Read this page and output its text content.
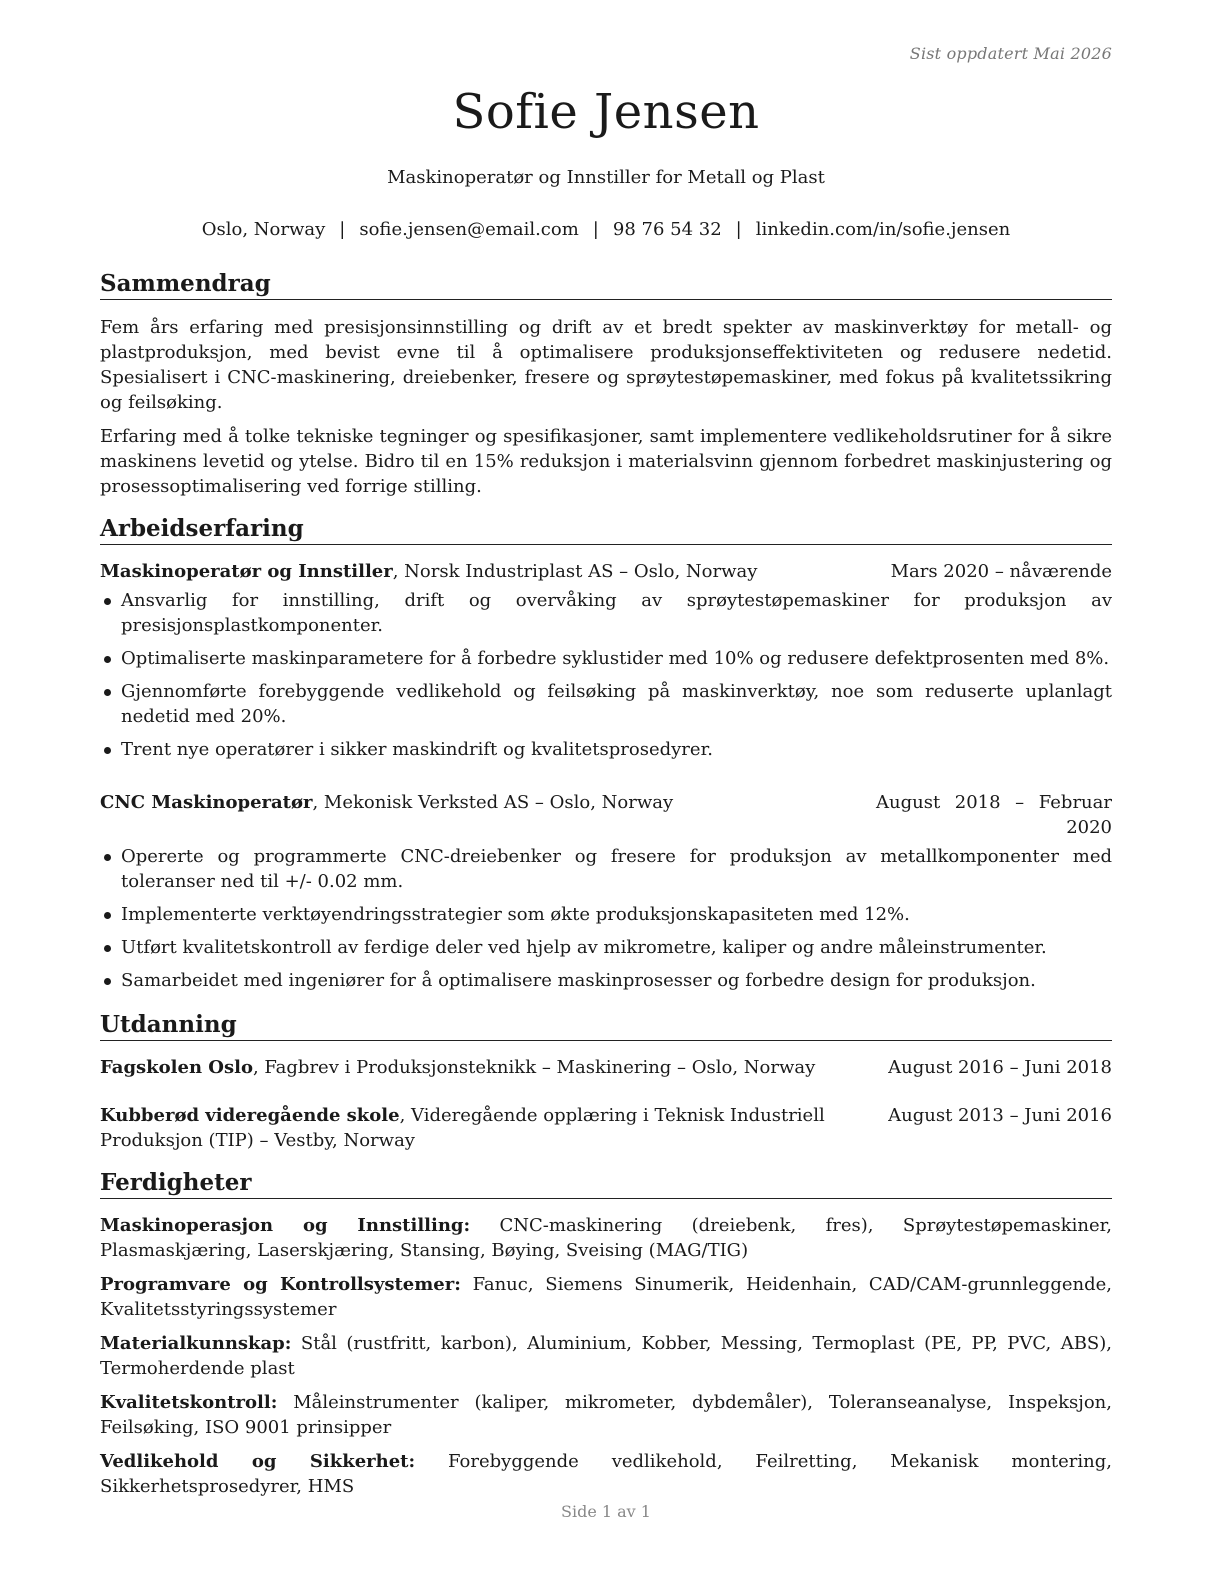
Sist oppdatert Mai 2026
Sofie Jensen
Maskinoperatør og Innstiller for Metall og Plast
Oslo, Norway | sofie.jensen@email.com | 98 76 54 32 | linkedin.com/in/sofie.jensen
Sammendrag

Fem års erfaring med presisjonsinnstilling og drift av et bredt spekter av maskinverktøy for metall- og plastproduksjon, med bevist evne til å optimalisere produksjonseffektiviteten og redusere nedetid. Spesialisert i CNC-maskinering, dreiebenker, fresere og sprøytestøpemaskiner, med fokus på kvalitetssikring og feilsøking.

Erfaring med å tolke tekniske tegninger og spesifikasjoner, samt implementere vedlikeholdsrutiner for å sikre maskinens levetid og ytelse. Bidro til en 15% reduksjon i materialsvinn gjennom forbedret maskinjustering og prosessoptimalisering ved forrige stilling.

Arbeidserfaring
Maskinoperatør og Innstiller, Norsk Industriplast AS – Oslo, Norway	Mars 2020 – nåværende
Ansvarlig for innstilling, drift og overvåking av sprøytestøpemaskiner for produksjon av presisjonsplastkomponenter.
Optimaliserte maskinparametere for å forbedre syklustider med 10% og redusere defektprosenten med 8%.
Gjennomførte forebyggende vedlikehold og feilsøking på maskinverktøy, noe som reduserte uplanlagt nedetid med 20%.
Trent nye operatører i sikker maskindrift og kvalitetsprosedyrer.
CNC Maskinoperatør, Mekonisk Verksted AS – Oslo, Norway	August 2018 – Februar 2020
Opererte og programmerte CNC-dreiebenker og fresere for produksjon av metallkomponenter med toleranser ned til +/- 0.02 mm.
Implementerte verktøyendringsstrategier som økte produksjonskapasiteten med 12%.
Utført kvalitetskontroll av ferdige deler ved hjelp av mikrometre, kaliper og andre måleinstrumenter.
Samarbeidet med ingeniører for å optimalisere maskinprosesser og forbedre design for produksjon.
Utdanning
Fagskolen Oslo, Fagbrev i Produksjonsteknikk – Maskinering – Oslo, Norway	August 2016 – Juni 2018
Kubberød videregående skole, Videregående opplæring i Teknisk Industriell Produksjon (TIP) – Vestby, Norway
August 2013 – Juni 2016
Ferdigheter

Maskinoperasjon og Innstilling: CNC-maskinering (dreiebenk, fres), Sprøytestøpemaskiner, Plasmaskjæring, Laserskjæring, Stansing, Bøying, Sveising (MAG/TIG)

Programvare og Kontrollsystemer: Fanuc, Siemens Sinumerik, Heidenhain, CAD/CAM-grunnleggende, Kvalitetsstyringssystemer

Materialkunnskap: Stål (rustfritt, karbon), Aluminium, Kobber, Messing, Termoplast (PE, PP, PVC, ABS), Termoherdende plast

Kvalitetskontroll: Måleinstrumenter (kaliper, mikrometer, dybdemåler), Toleranseanalyse, Inspeksjon, Feilsøking, ISO 9001 prinsipper

Vedlikehold og Sikkerhet: Forebyggende vedlikehold, Feilretting, Mekanisk montering, Sikkerhetsprosedyrer, HMS

Side 1 av 1
